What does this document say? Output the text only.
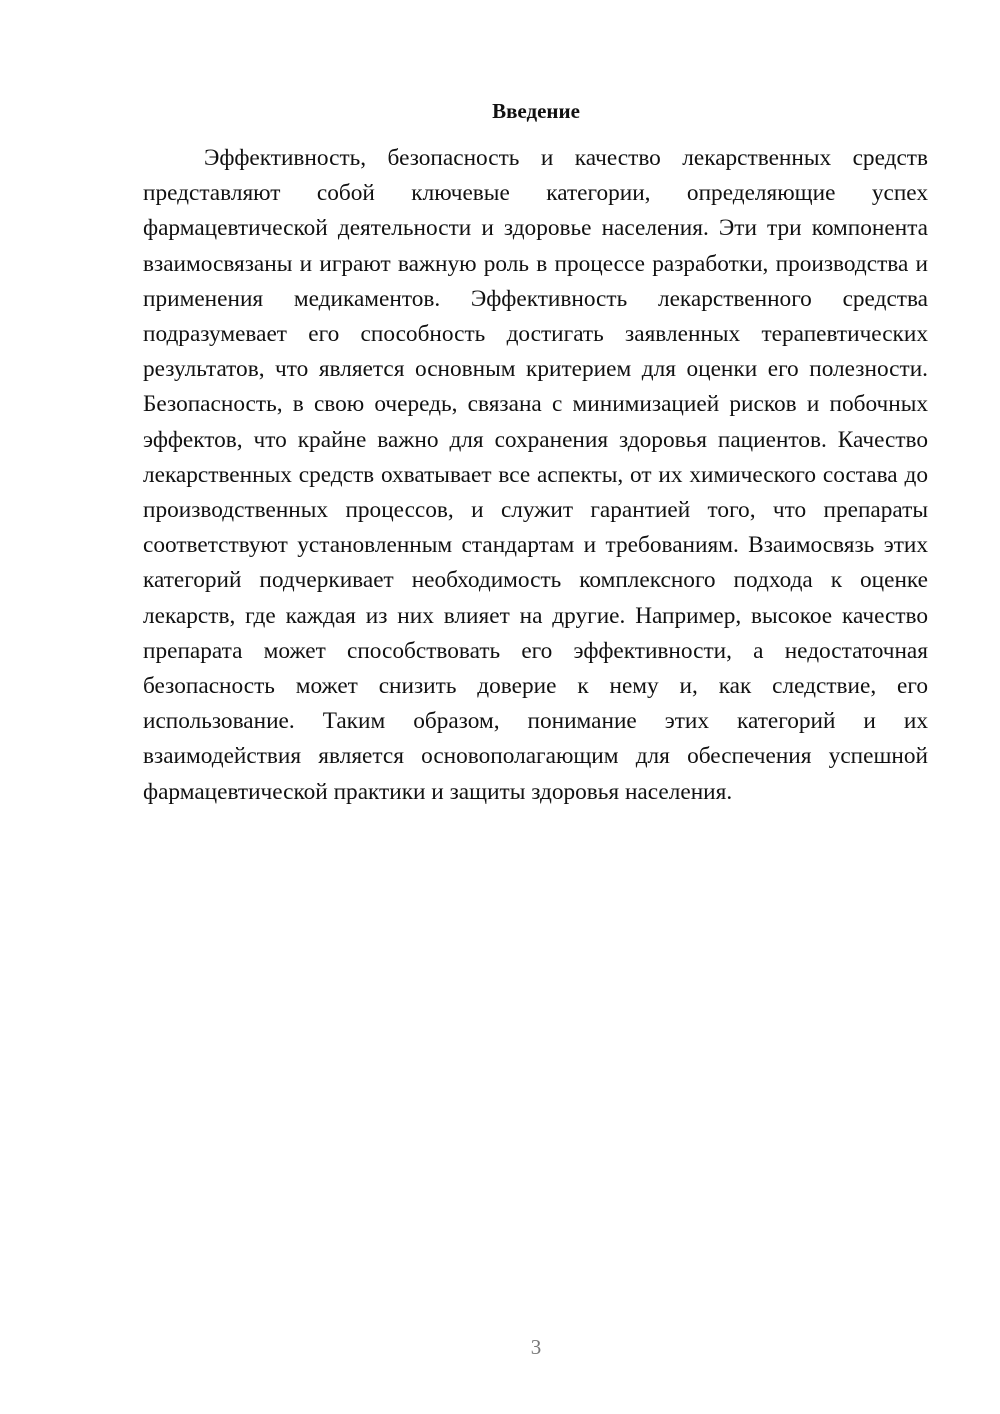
Введение

Эффективность, безопасность и качество лекарственных средств представляют собой ключевые категории, определяющие успех фармацевтической деятельности и здоровье населения. Эти три компонента взаимосвязаны и играют важную роль в процессе разработки, производства и применения медикаментов. Эффективность лекарственного средства подразумевает его способность достигать заявленных терапевтических результатов, что является основным критерием для оценки его полезности. Безопасность, в свою очередь, связана с минимизацией рисков и побочных эффектов, что крайне важно для сохранения здоровья пациентов. Качество лекарственных средств охватывает все аспекты, от их химического состава до производственных процессов, и служит гарантией того, что препараты соответствуют установленным стандартам и требованиям. Взаимосвязь этих категорий подчеркивает необходимость комплексного подхода к оценке лекарств, где каждая из них влияет на другие. Например, высокое качество препарата может способствовать его эффективности, а недостаточная безопасность может снизить доверие к нему и, как следствие, его использование. Таким образом, понимание этих категорий и их взаимодействия является основополагающим для обеспечения успешной фармацевтической практики и защиты здоровья населения.

3
